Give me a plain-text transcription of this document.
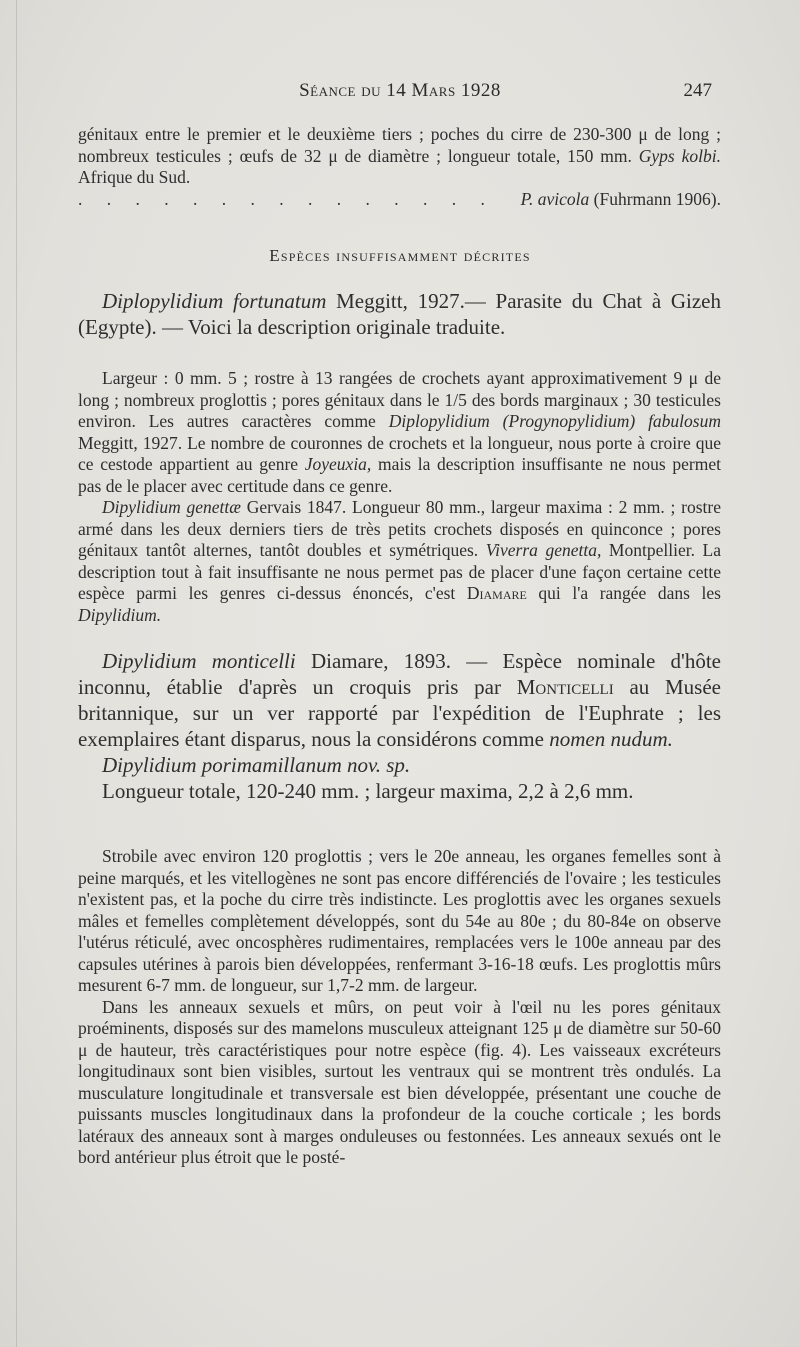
Séance du 14 Mars 1928	247

génitaux entre le premier et le deuxième tiers ; poches du cirre de 230-300 μ de long ; nombreux testicules ; œufs de 32 μ de diamètre ; longueur totale, 150 mm. Gyps kolbi. Afrique du Sud.

. . . . . . . . . . . . . . . P. avicola (Fuhrmann 1906).
Espèces insuffisamment décrites

Diplopylidium fortunatum Meggitt, 1927.— Parasite du Chat à Gizeh (Egypte). — Voici la description originale traduite.

Largeur : 0 mm. 5 ; rostre à 13 rangées de crochets ayant approximativement 9 μ de long ; nombreux proglottis ; pores génitaux dans le 1/5 des bords marginaux ; 30 testicules environ. Les autres caractères comme Diplopylidium (Progynopylidium) fabulosum Meggitt, 1927. Le nombre de couronnes de crochets et la longueur, nous porte à croire que ce cestode appartient au genre Joyeuxia, mais la description insuffisante ne nous permet pas de le placer avec certitude dans ce genre.

Dipylidium genettæ Gervais 1847. Longueur 80 mm., largeur maxima : 2 mm. ; rostre armé dans les deux derniers tiers de très petits crochets disposés en quinconce ; pores génitaux tantôt alternes, tantôt doubles et symétriques. Viverra genetta, Montpellier. La description tout à fait insuffisante ne nous permet pas de placer d'une façon certaine cette espèce parmi les genres ci-dessus énoncés, c'est Diamare qui l'a rangée dans les Dipylidium.

Dipylidium monticelli Diamare, 1893. — Espèce nominale d'hôte inconnu, établie d'après un croquis pris par Monticelli au Musée britannique, sur un ver rapporté par l'expédition de l'Euphrate ; les exemplaires étant disparus, nous la considérons comme nomen nudum.

Dipylidium porimamillanum nov. sp.

Longueur totale, 120-240 mm. ; largeur maxima, 2,2 à 2,6 mm.

Strobile avec environ 120 proglottis ; vers le 20e anneau, les organes femelles sont à peine marqués, et les vitellogènes ne sont pas encore différenciés de l'ovaire ; les testicules n'existent pas, et la poche du cirre très indistincte. Les proglottis avec les organes sexuels mâles et femelles complètement développés, sont du 54e au 80e ; du 80-84e on observe l'utérus réticulé, avec oncosphères rudimentaires, remplacées vers le 100e anneau par des capsules utérines à parois bien développées, renfermant 3-16-18 œufs. Les proglottis mûrs mesurent 6-7 mm. de longueur, sur 1,7-2 mm. de largeur.

Dans les anneaux sexuels et mûrs, on peut voir à l'œil nu les pores génitaux proéminents, disposés sur des mamelons musculeux atteignant 125 μ de diamètre sur 50-60 μ de hauteur, très caractéristiques pour notre espèce (fig. 4). Les vaisseaux excréteurs longitudinaux sont bien visibles, surtout les ventraux qui se montrent très ondulés. La musculature longitudinale et transversale est bien développée, présentant une couche de puissants muscles longitudinaux dans la profondeur de la couche corticale ; les bords latéraux des anneaux sont à marges onduleuses ou festonnées. Les anneaux sexués ont le bord antérieur plus étroit que le posté-
